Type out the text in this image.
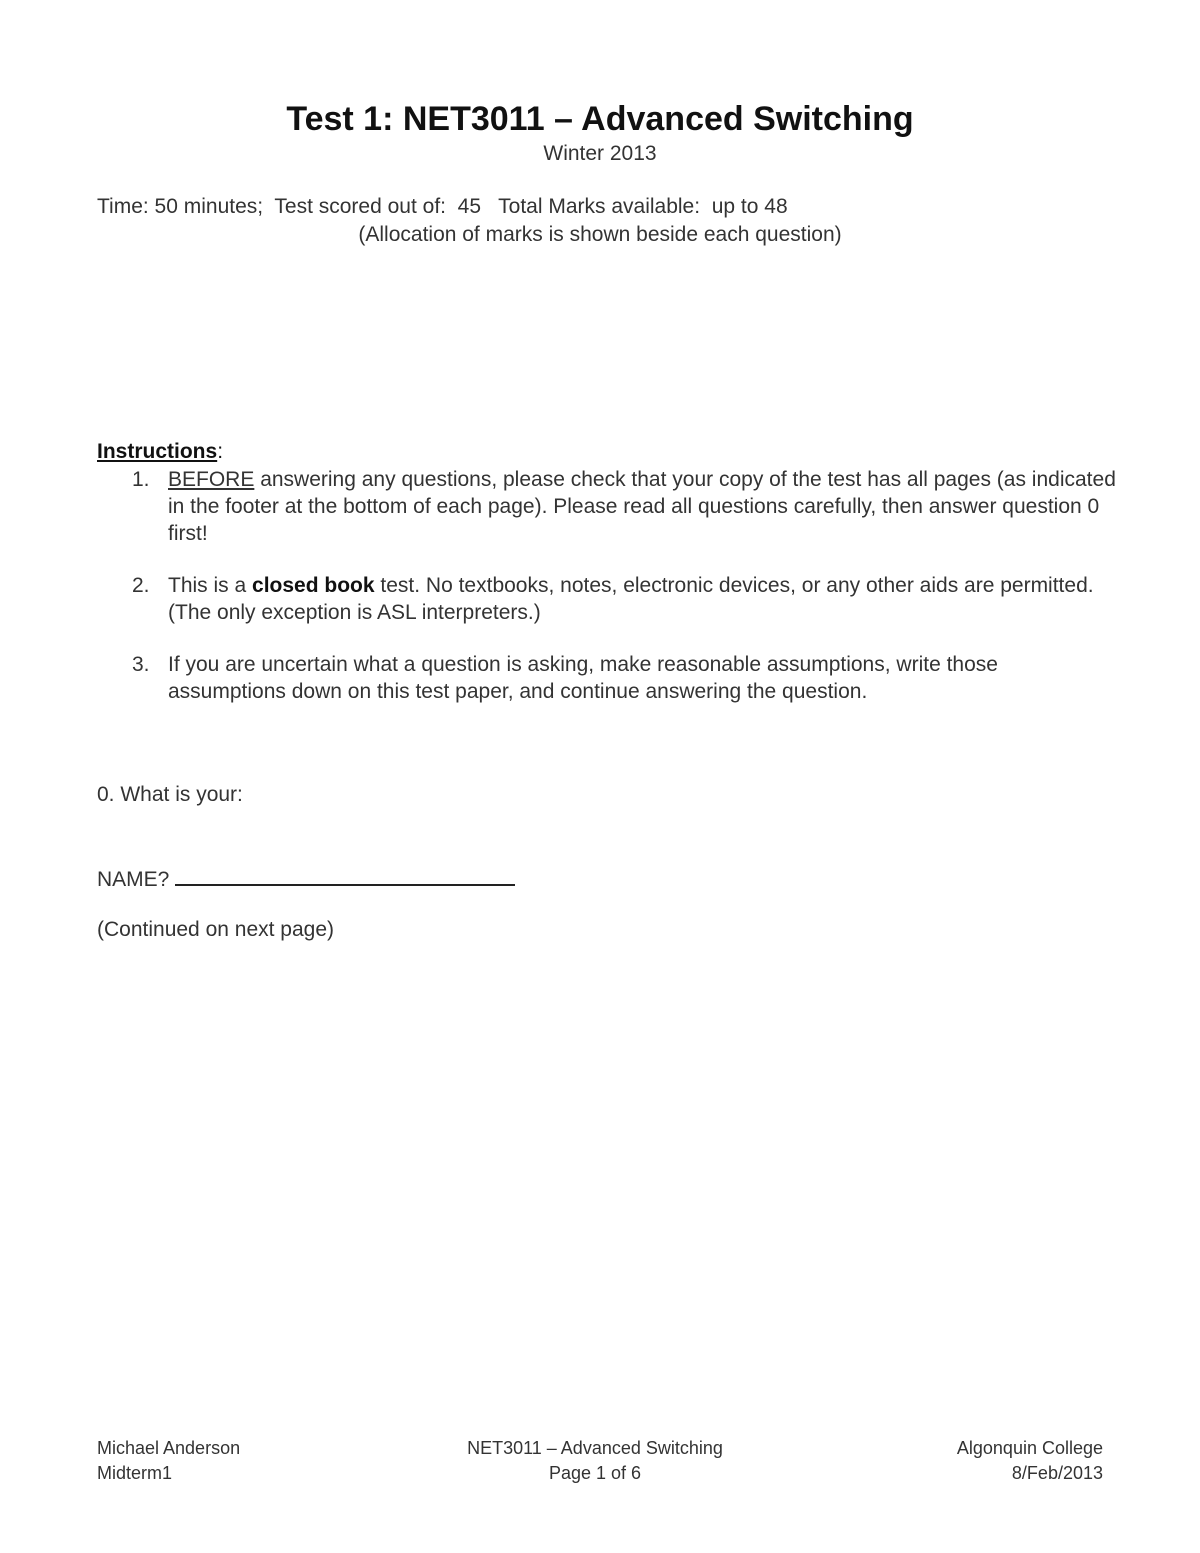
Test 1: NET3011 – Advanced Switching
Winter 2013
Time: 50 minutes;  Test scored out of:  45   Total Marks available:  up to 48
(Allocation of marks is shown beside each question)
Instructions:
1. BEFORE answering any questions, please check that your copy of the test has all pages (as indicated in the footer at the bottom of each page). Please read all questions carefully, then answer question 0 first!
2. This is a closed book test. No textbooks, notes, electronic devices, or any other aids are permitted. (The only exception is ASL interpreters.)
3. If you are uncertain what a question is asking, make reasonable assumptions, write those assumptions down on this test paper, and continue answering the question.
0. What is your:
NAME?
(Continued on next page)
Michael Anderson
Midterm1
NET3011 – Advanced Switching
Page 1 of 6
Algonquin College
8/Feb/2013
